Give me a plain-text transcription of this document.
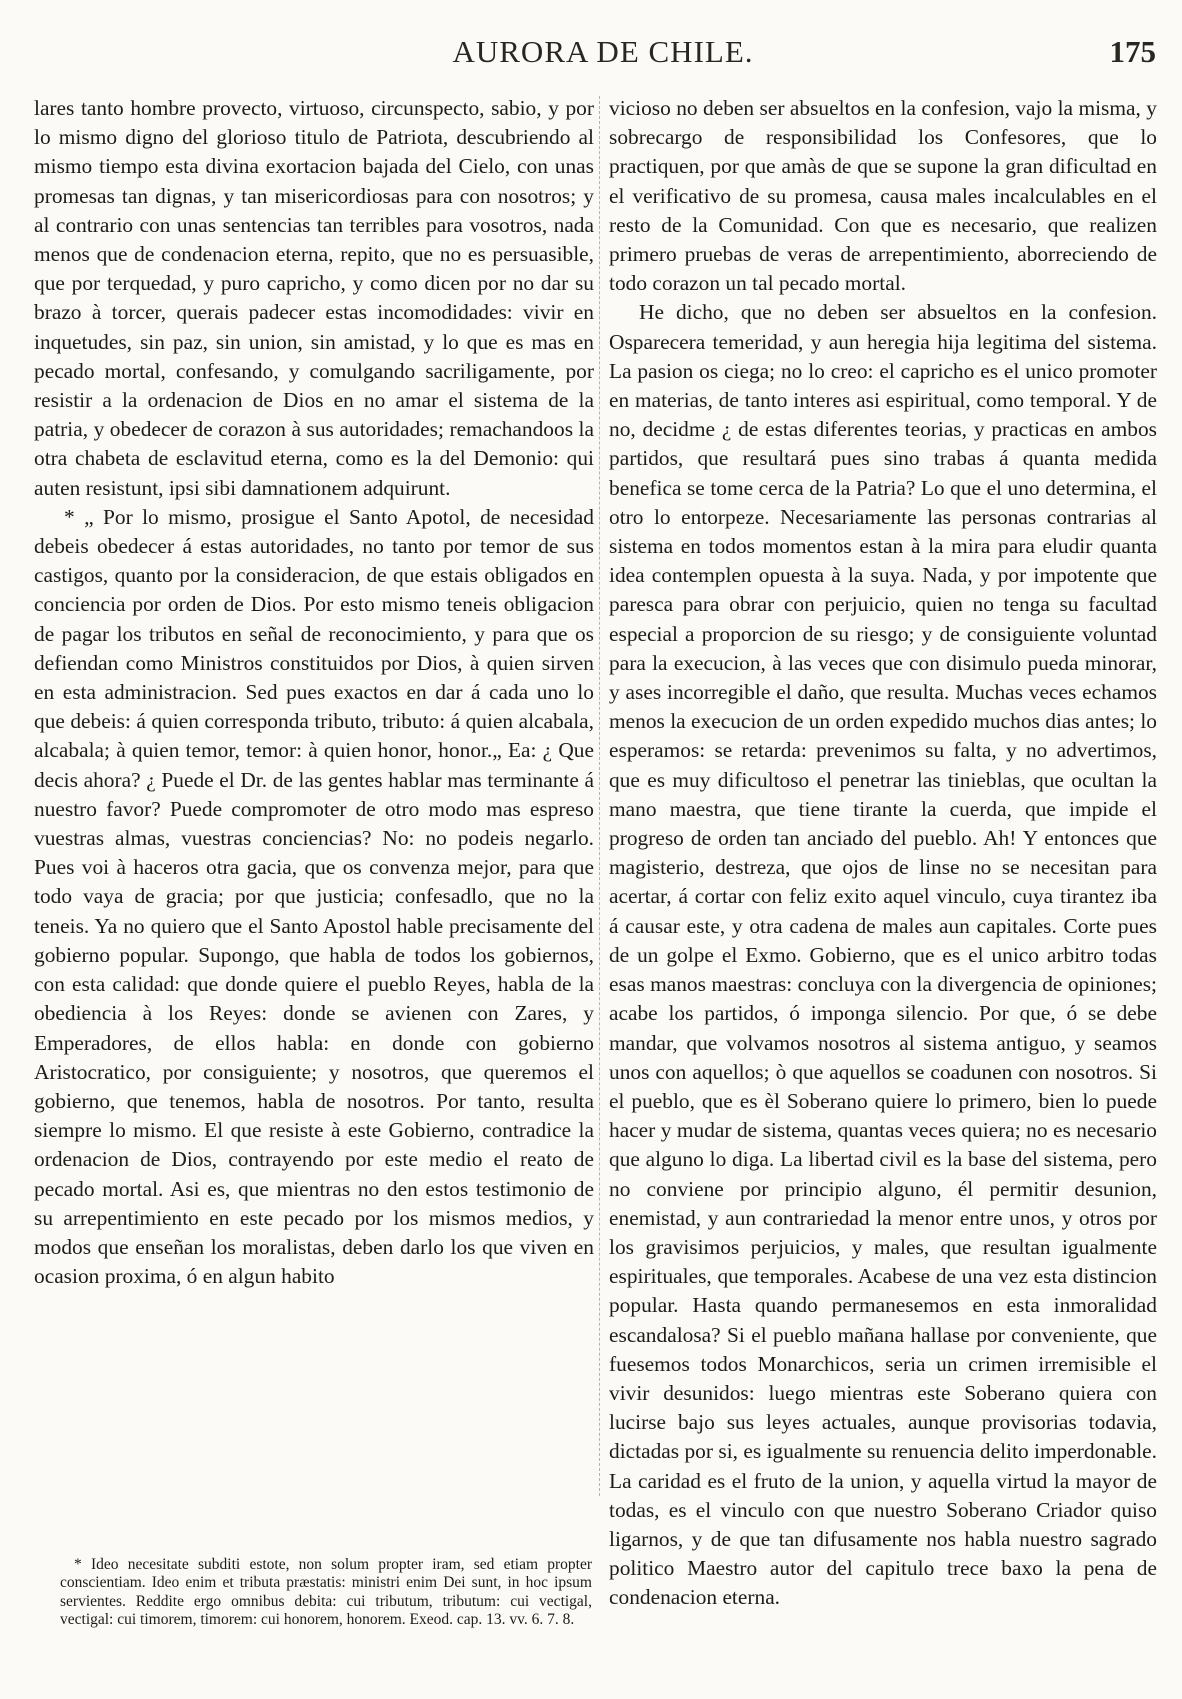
AURORA DE CHILE.	175

lares tanto hombre provecto, virtuoso, circunspecto, sabio, y por lo mismo digno del glorioso titulo de Patriota, descubriendo al mismo tiempo esta divina exortacion bajada del Cielo, con unas promesas tan dignas, y tan misericordiosas para con nosotros; y al contrario con unas sentencias tan terribles para vosotros, nada menos que de condenacion eterna, repito, que no es persuasible, que por terquedad, y puro capricho, y como dicen por no dar su brazo à torcer, querais padecer estas incomodidades: vivir en inquetudes, sin paz, sin union, sin amistad, y lo que es mas en pecado mortal, confesando, y comulgando sacriligamente, por resistir a la ordenacion de Dios en no amar el sistema de la patria, y obedecer de corazon à sus autoridades; remachandoos la otra chabeta de esclavitud eterna, como es la del Demonio: qui auten resistunt, ipsi sibi damnationem adquirunt.

* „ Por lo mismo, prosigue el Santo Apotol, de necesidad debeis obedecer á estas autoridades, no tanto por temor de sus castigos, quanto por la consideracion, de que estais obligados en conciencia por orden de Dios. Por esto mismo teneis obligacion de pagar los tributos en señal de reconocimiento, y para que os defiendan como Ministros constituidos por Dios, à quien sirven en esta administracion. Sed pues exactos en dar á cada uno lo que debeis: á quien corresponda tributo, tributo: á quien alcabala, alcabala; à quien temor, temor: à quien honor, honor.„ Ea: ¿ Que decis ahora? ¿ Puede el Dr. de las gentes hablar mas terminante á nuestro favor? Puede compromoter de otro modo mas espreso vuestras almas, vuestras conciencias? No: no podeis negarlo. Pues voi à haceros otra gacia, que os convenza mejor, para que todo vaya de gracia; por que justicia; confesadlo, que no la teneis. Ya no quiero que el Santo Apostol hable precisamente del gobierno popular. Supongo, que habla de todos los gobiernos, con esta calidad: que donde quiere el pueblo Reyes, habla de la obediencia à los Reyes: donde se avienen con Zares, y Emperadores, de ellos habla: en donde con gobierno Aristocratico, por consiguiente; y nosotros, que queremos el gobierno, que tenemos, habla de nosotros. Por tanto, resulta siempre lo mismo. El que resiste à este Gobierno, contradice la ordenacion de Dios, contrayendo por este medio el reato de pecado mortal. Asi es, que mientras no den estos testimonio de su arrepentimiento en este pecado por los mismos medios, y modos que enseñan los moralistas, deben darlo los que viven en ocasion proxima, ó en algun habito

vicioso no deben ser absueltos en la confesion, vajo la misma, y sobrecargo de responsibilidad los Confesores, que lo practiquen, por que amàs de que se supone la gran dificultad en el verificativo de su promesa, causa males incalculables en el resto de la Comunidad. Con que es necesario, que realizen primero pruebas de veras de arrepentimiento, aborreciendo de todo corazon un tal pecado mortal.

He dicho, que no deben ser absueltos en la confesion. Osparecera temeridad, y aun heregia hija legitima del sistema. La pasion os ciega; no lo creo: el capricho es el unico promoter en materias, de tanto interes asi espiritual, como temporal. Y de no, decidme ¿ de estas diferentes teorias, y practicas en ambos partidos, que resultará pues sino trabas á quanta medida benefica se tome cerca de la Patria? Lo que el uno determina, el otro lo entorpeze. Necesariamente las personas contrarias al sistema en todos momentos estan à la mira para eludir quanta idea contemplen opuesta à la suya. Nada, y por impotente que paresca para obrar con perjuicio, quien no tenga su facultad especial a proporcion de su riesgo; y de consiguiente voluntad para la execucion, à las veces que con disimulo pueda minorar, y ases incorregible el daño, que resulta. Muchas veces echamos menos la execucion de un orden expedido muchos dias antes; lo esperamos: se retarda: prevenimos su falta, y no advertimos, que es muy dificultoso el penetrar las tinieblas, que ocultan la mano maestra, que tiene tirante la cuerda, que impide el progreso de orden tan anciado del pueblo. Ah! Y entonces que magisterio, destreza, que ojos de linse no se necesitan para acertar, á cortar con feliz exito aquel vinculo, cuya tirantez iba á causar este, y otra cadena de males aun capitales. Corte pues de un golpe el Exmo. Gobierno, que es el unico arbitro todas esas manos maestras: concluya con la divergencia de opiniones; acabe los partidos, ó imponga silencio. Por que, ó se debe mandar, que volvamos nosotros al sistema antiguo, y seamos unos con aquellos; ò que aquellos se coadunen con nosotros. Si el pueblo, que es èl Soberano quiere lo primero, bien lo puede hacer y mudar de sistema, quantas veces quiera; no es necesario que alguno lo diga. La libertad civil es la base del sistema, pero no conviene por principio alguno, él permitir desunion, enemistad, y aun contrariedad la menor entre unos, y otros por los gravisimos perjuicios, y males, que resultan igualmente espirituales, que temporales. Acabese de una vez esta distincion popular. Hasta quando permanesemos en esta inmoralidad escandalosa? Si el pueblo mañana hallase por conveniente, que fuesemos todos Monarchicos, seria un crimen irremisible el vivir desunidos: luego mientras este Soberano quiera con lucirse bajo sus leyes actuales, aunque provisorias todavia, dictadas por si, es igualmente su renuencia delito imperdonable. La caridad es el fruto de la union, y aquella virtud la mayor de todas, es el vinculo con que nuestro Soberano Criador quiso ligarnos, y de que tan difusamente nos habla nuestro sagrado politico Maestro autor del capitulo trece baxo la pena de condenacion eterna.

* Ideo necesitate subditi estote, non solum propter iram, sed etiam propter conscientiam. Ideo enim et tributa præstatis: ministri enim Dei sunt, in hoc ipsum servientes. Reddite ergo omnibus debita: cui tributum, tributum: cui vectigal, vectigal: cui timorem, timorem: cui honorem, honorem. Exeod. cap. 13. vv. 6. 7. 8.
